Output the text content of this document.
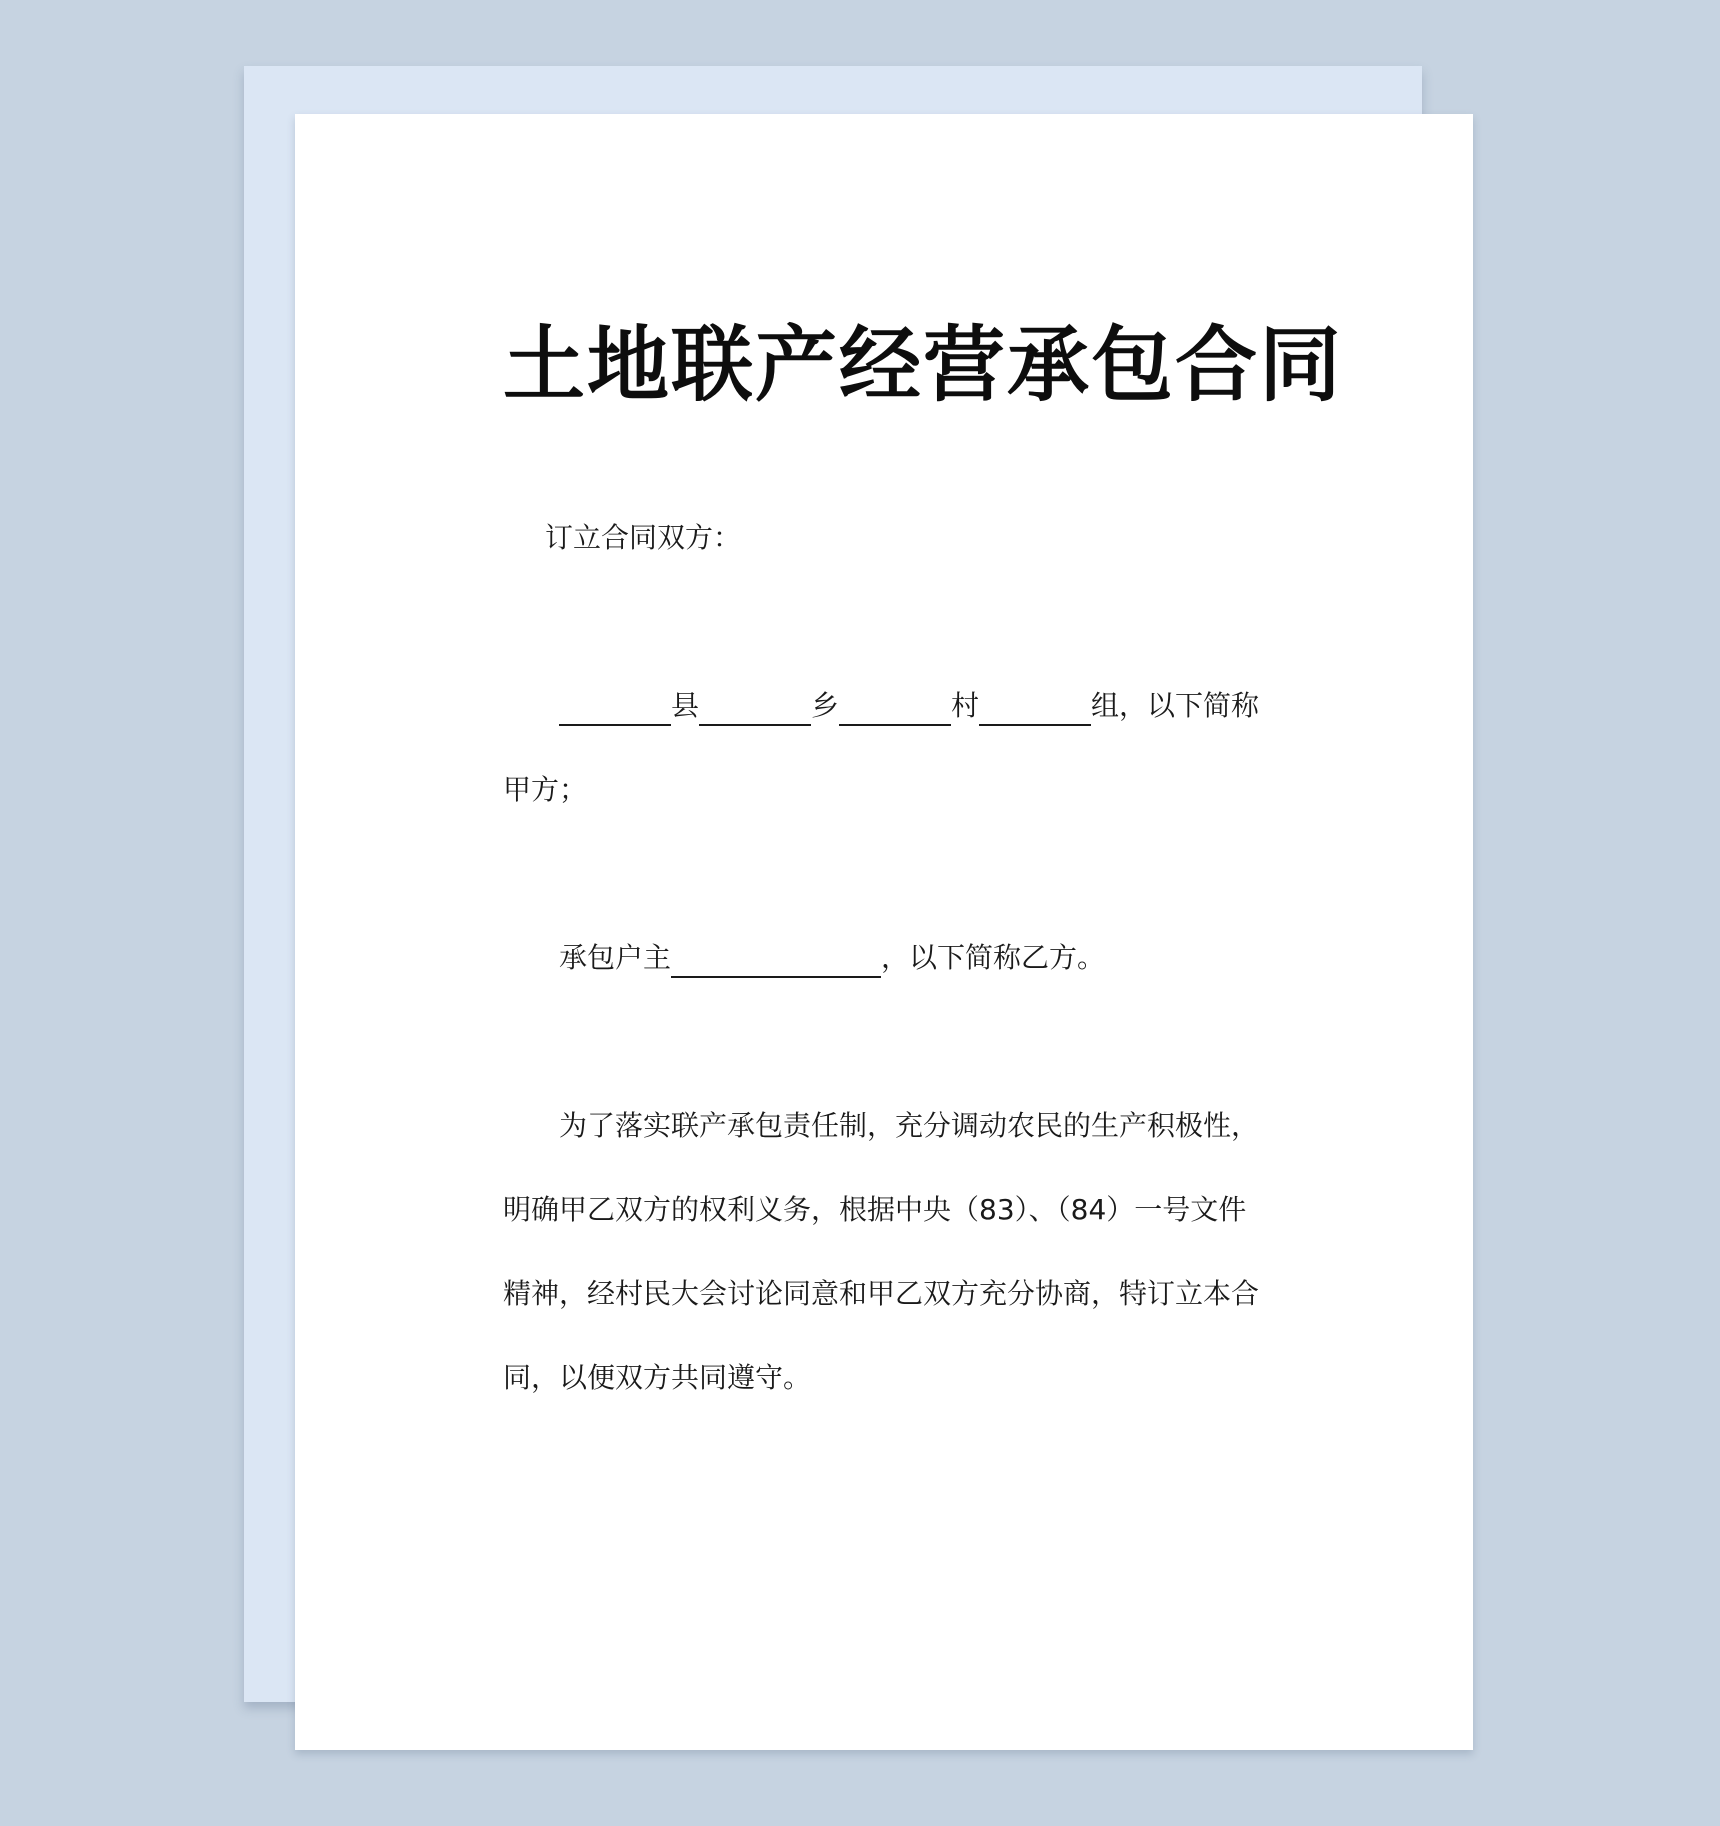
土地联产经营承包合同

订立合同双方：

县	乡	村	组，以下简称

甲方；

承包户主	，以下简称乙方。

为了落实联产承包责任制，充分调动农民的生产积极性，

明确甲乙双方的权利义务，根据中央（83）、（84）一号文件

精神，经村民大会讨论同意和甲乙双方充分协商，特订立本合

同，以便双方共同遵守。
